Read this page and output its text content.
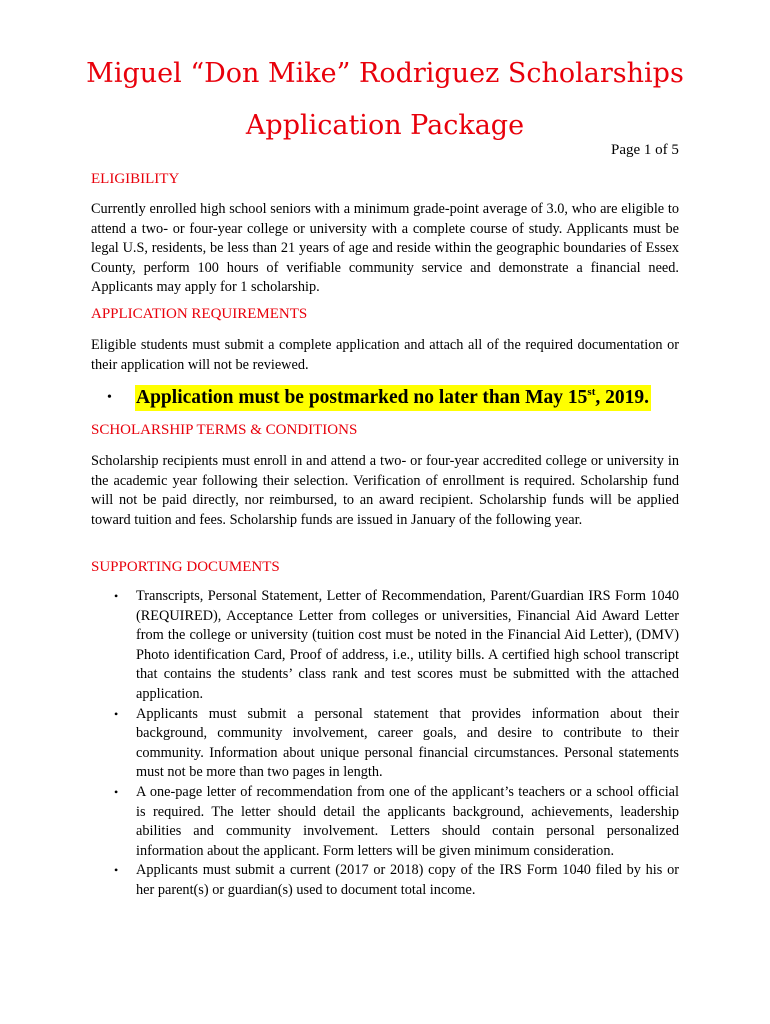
Miguel “Don Mike” Rodriguez Scholarships
Application Package
Page 1 of 5
ELIGIBILITY
Currently enrolled high school seniors with a minimum grade-point average of 3.0, who are eligible to attend a two- or four-year college or university with a complete course of study. Applicants must be legal U.S, residents, be less than 21 years of age and reside within the geographic boundaries of Essex County, perform 100 hours of verifiable community service and demonstrate a financial need. Applicants may apply for 1 scholarship.
APPLICATION REQUIREMENTS
Eligible students must submit a complete application and attach all of the required documentation or their application will not be reviewed.
•	Application must be postmarked no later than May 15st, 2019.
SCHOLARSHIP TERMS & CONDITIONS
Scholarship recipients must enroll in and attend a two- or four-year accredited college or university in the academic year following their selection. Verification of enrollment is required. Scholarship fund will not be paid directly, nor reimbursed, to an award recipient. Scholarship funds will be applied toward tuition and fees. Scholarship funds are issued in January of the following year.
SUPPORTING DOCUMENTS
•	Transcripts, Personal Statement, Letter of Recommendation, Parent/Guardian IRS Form 1040 (REQUIRED), Acceptance Letter from colleges or universities, Financial Aid Award Letter from the college or university (tuition cost must be noted in the Financial Aid Letter), (DMV) Photo identification Card, Proof of address, i.e., utility bills. A certified high school transcript that contains the students’ class rank and test scores must be submitted with the attached application.
•	Applicants must submit a personal statement that provides information about their background, community involvement, career goals, and desire to contribute to their community. Information about unique personal financial circumstances. Personal statements must not be more than two pages in length.
•	A one-page letter of recommendation from one of the applicant’s teachers or a school official is required. The letter should detail the applicants background, achievements, leadership abilities and community involvement. Letters should contain personal personalized information about the applicant. Form letters will be given minimum consideration.
•	Applicants must submit a current (2017 or 2018) copy of the IRS Form 1040 filed by his or her parent(s) or guardian(s) used to document total income.
